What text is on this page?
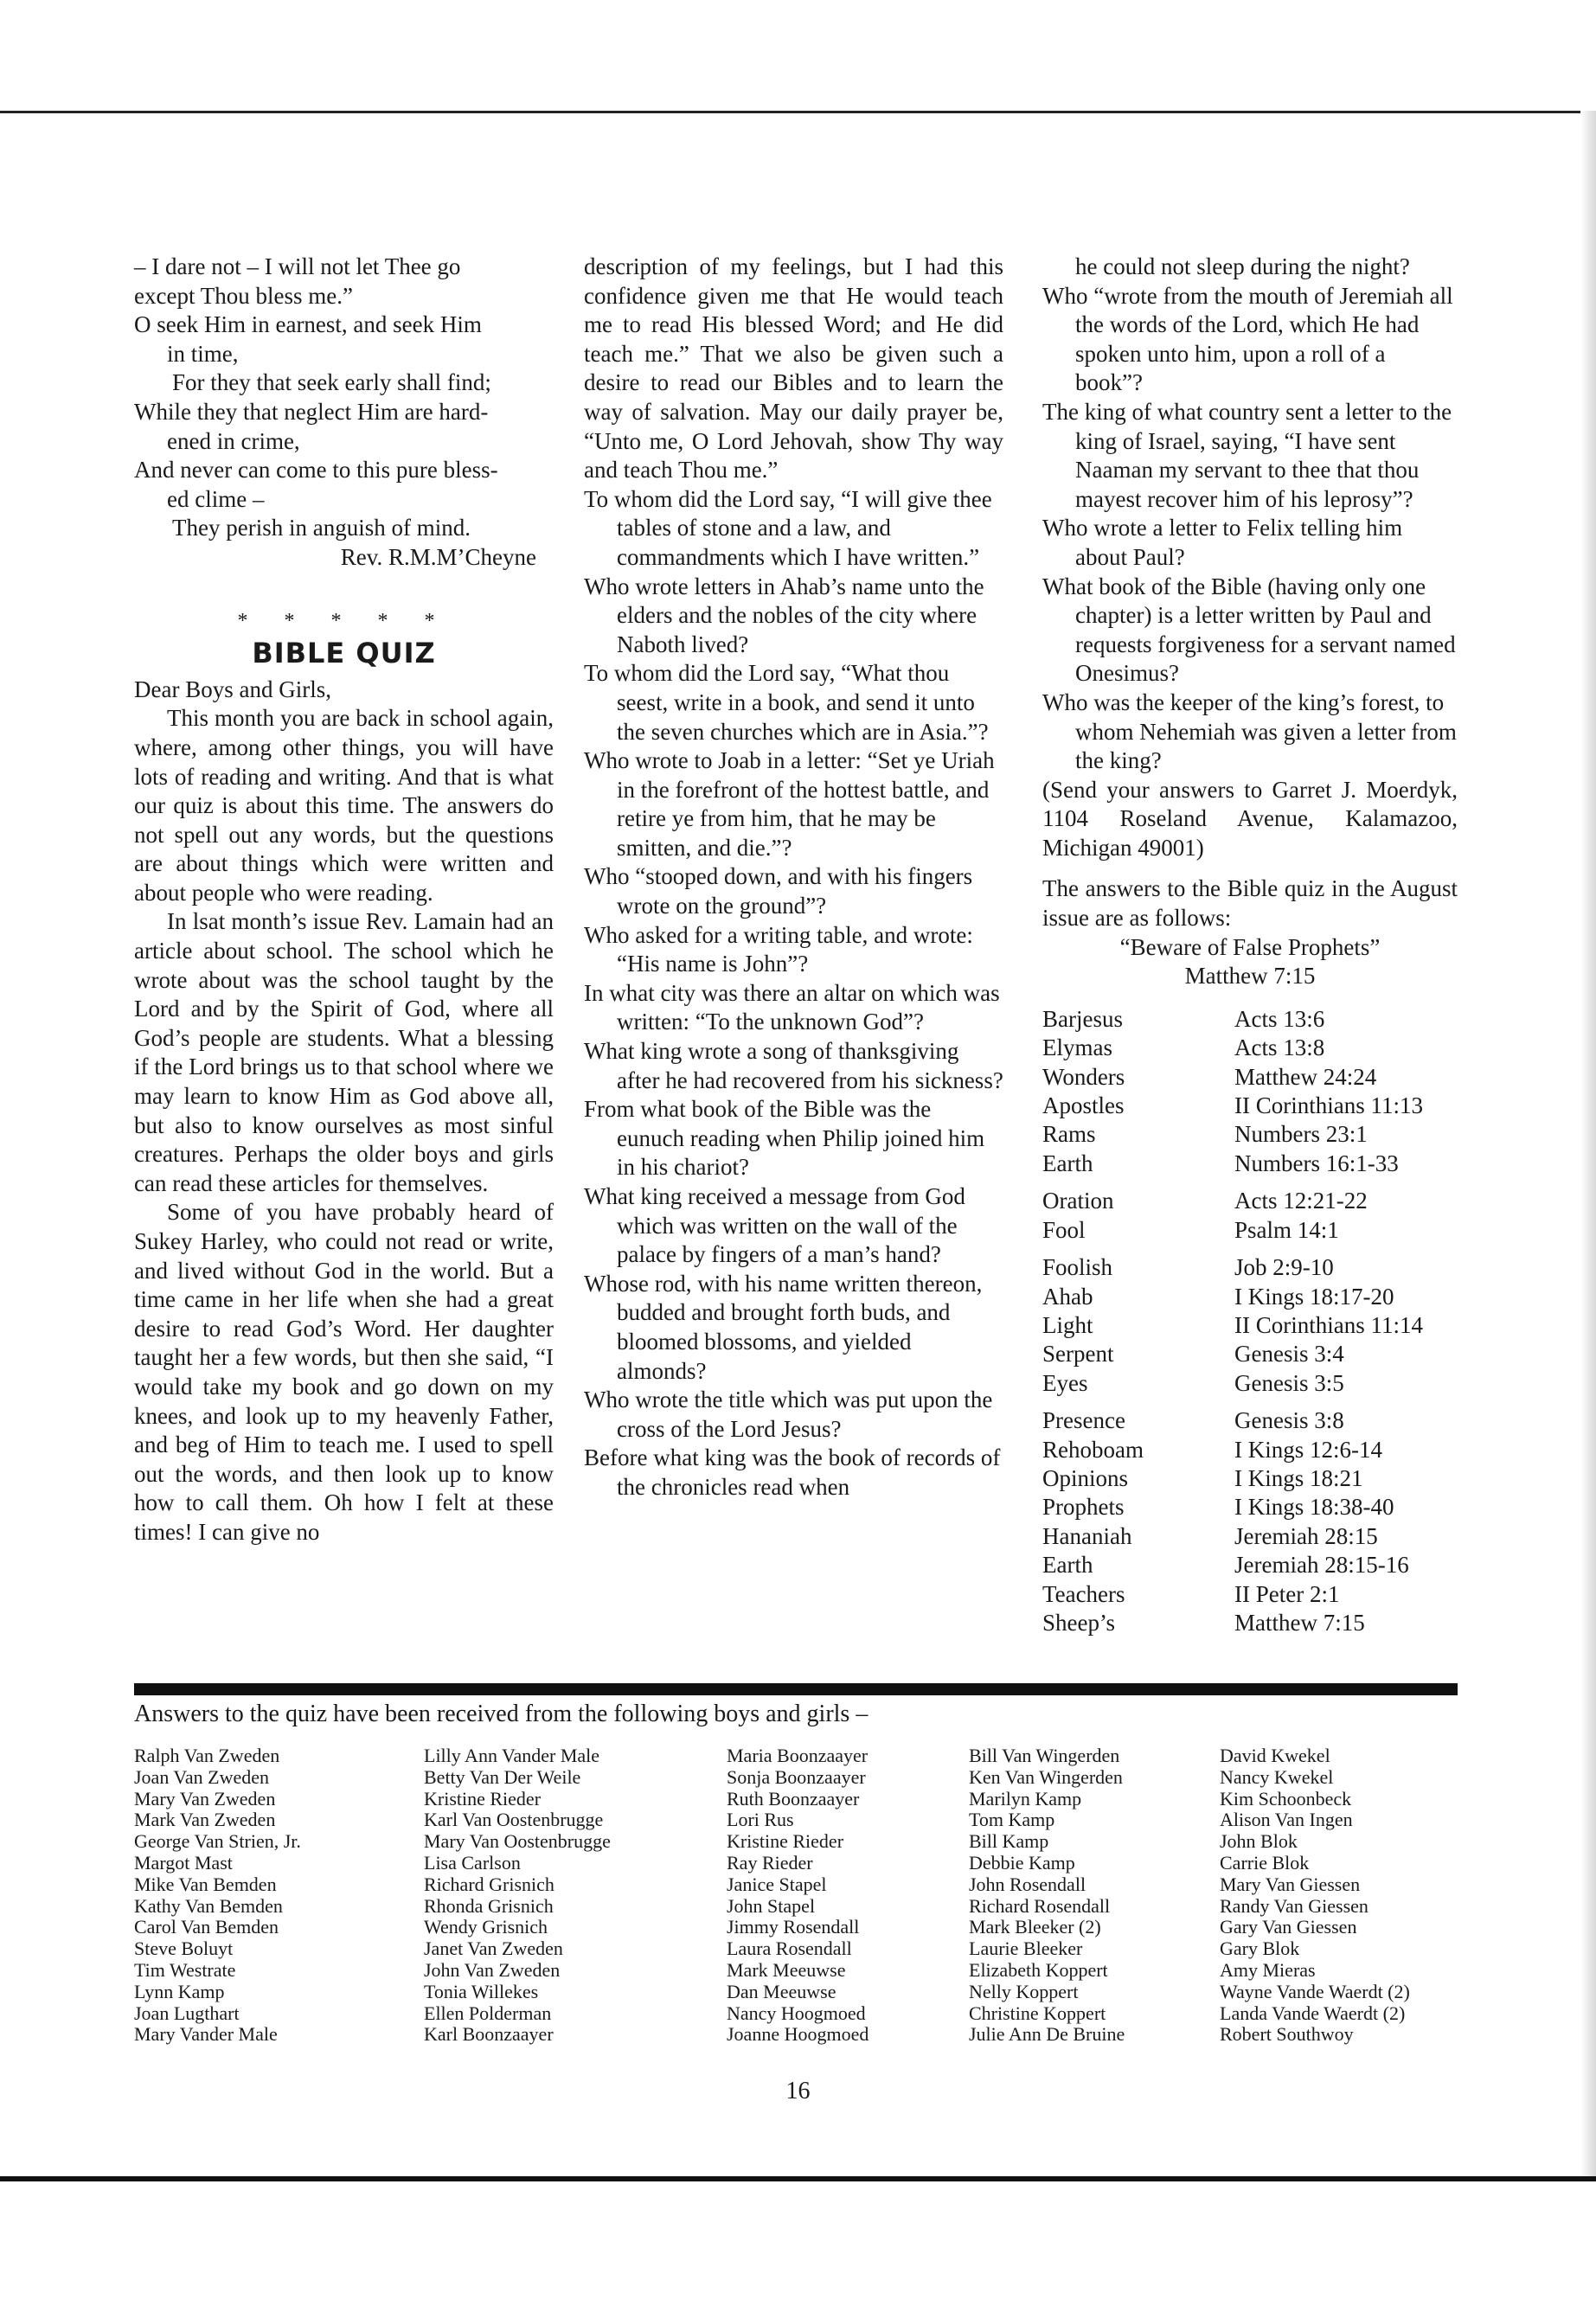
– I dare not – I will not let Thee go

except Thou bless me.”

O seek Him in earnest, and seek Him

in time,

For they that seek early shall find;

While they that neglect Him are hard-

ened in crime,

And never can come to this pure bless-

ed clime –

They perish in anguish of mind.

Rev. R.M.M’Cheyne

* * * * *

BIBLE QUIZ

Dear Boys and Girls,

This month you are back in school again, where, among other things, you will have lots of reading and writing. And that is what our quiz is about this time. The answers do not spell out any words, but the questions are about things which were written and about people who were reading.

In lsat month’s issue Rev. Lamain had an article about school. The school which he wrote about was the school taught by the Lord and by the Spirit of God, where all God’s people are students. What a blessing if the Lord brings us to that school where we may learn to know Him as God above all, but also to know ourselves as most sinful creatures. Perhaps the older boys and girls can read these articles for themselves.

Some of you have probably heard of Sukey Harley, who could not read or write, and lived without God in the world. But a time came in her life when she had a great desire to read God’s Word. Her daughter taught her a few words, but then she said, “I would take my book and go down on my knees, and look up to my heavenly Father, and beg of Him to teach me. I used to spell out the words, and then look up to know how to call them. Oh how I felt at these times! I can give no

description of my feelings, but I had this confidence given me that He would teach me to read His blessed Word; and He did teach me.” That we also be given such a desire to read our Bibles and to learn the way of salvation. May our daily prayer be, “Unto me, O Lord Jehovah, show Thy way and teach Thou me.”

To whom did the Lord say, “I will give thee tables of stone and a law, and commandments which I have written.”

Who wrote letters in Ahab’s name unto the elders and the nobles of the city where Naboth lived?

To whom did the Lord say, “What thou seest, write in a book, and send it unto the seven churches which are in Asia.”?

Who wrote to Joab in a letter: “Set ye Uriah in the forefront of the hottest battle, and retire ye from him, that he may be smitten, and die.”?

Who “stooped down, and with his fingers wrote on the ground”?

Who asked for a writing table, and wrote: “His name is John”?

In what city was there an altar on which was written: “To the unknown God”?

What king wrote a song of thanksgiving after he had recovered from his sickness?

From what book of the Bible was the eunuch reading when Philip joined him in his chariot?

What king received a message from God which was written on the wall of the palace by fingers of a man’s hand?

Whose rod, with his name written thereon, budded and brought forth buds, and bloomed blossoms, and yielded almonds?

Who wrote the title which was put upon the cross of the Lord Jesus?

Before what king was the book of records of the chronicles read when

he could not sleep during the night?

Who “wrote from the mouth of Jeremiah all the words of the Lord, which He had spoken unto him, upon a roll of a book”?

The king of what country sent a letter to the king of Israel, saying, “I have sent Naaman my servant to thee that thou mayest recover him of his leprosy”?

Who wrote a letter to Felix telling him about Paul?

What book of the Bible (having only one chapter) is a letter written by Paul and requests forgiveness for a servant named Onesimus?

Who was the keeper of the king’s forest, to whom Nehemiah was given a letter from the king?

(Send your answers to Garret J. Moerdyk, 1104 Roseland Avenue, Kalamazoo, Michigan 49001)

The answers to the Bible quiz in the August issue are as follows:

“Beware of False Prophets”

Matthew 7:15

Barjesus	Acts 13:6
Elymas	Acts 13:8
Wonders	Matthew 24:24
Apostles	II Corinthians 11:13
Rams	Numbers 23:1
Earth	Numbers 16:1-33
Oration	Acts 12:21-22
Fool	Psalm 14:1
Foolish	Job 2:9-10
Ahab	I Kings 18:17-20
Light	II Corinthians 11:14
Serpent	Genesis 3:4
Eyes	Genesis 3:5
Presence	Genesis 3:8
Rehoboam	I Kings 12:6-14
Opinions	I Kings 18:21
Prophets	I Kings 18:38-40
Hananiah	Jeremiah 28:15
Earth	Jeremiah 28:15-16
Teachers	II Peter 2:1
Sheep’s	Matthew 7:15
Answers to the quiz have been received from the following boys and girls –
Ralph Van Zweden
Joan Van Zweden
Mary Van Zweden
Mark Van Zweden
George Van Strien, Jr.
Margot Mast
Mike Van Bemden
Kathy Van Bemden
Carol Van Bemden
Steve Boluyt
Tim Westrate
Lynn Kamp
Joan Lugthart
Mary Vander Male
Lilly Ann Vander Male
Betty Van Der Weile
Kristine Rieder
Karl Van Oostenbrugge
Mary Van Oostenbrugge
Lisa Carlson
Richard Grisnich
Rhonda Grisnich
Wendy Grisnich
Janet Van Zweden
John Van Zweden
Tonia Willekes
Ellen Polderman
Karl Boonzaayer
Maria Boonzaayer
Sonja Boonzaayer
Ruth Boonzaayer
Lori Rus
Kristine Rieder
Ray Rieder
Janice Stapel
John Stapel
Jimmy Rosendall
Laura Rosendall
Mark Meeuwse
Dan Meeuwse
Nancy Hoogmoed
Joanne Hoogmoed
Bill Van Wingerden
Ken Van Wingerden
Marilyn Kamp
Tom Kamp
Bill Kamp
Debbie Kamp
John Rosendall
Richard Rosendall
Mark Bleeker (2)
Laurie Bleeker
Elizabeth Koppert
Nelly Koppert
Christine Koppert
Julie Ann De Bruine
David Kwekel
Nancy Kwekel
Kim Schoonbeck
Alison Van Ingen
John Blok
Carrie Blok
Mary Van Giessen
Randy Van Giessen
Gary Van Giessen
Gary Blok
Amy Mieras
Wayne Vande Waerdt (2)
Landa Vande Waerdt (2)
Robert Southwoy
16
